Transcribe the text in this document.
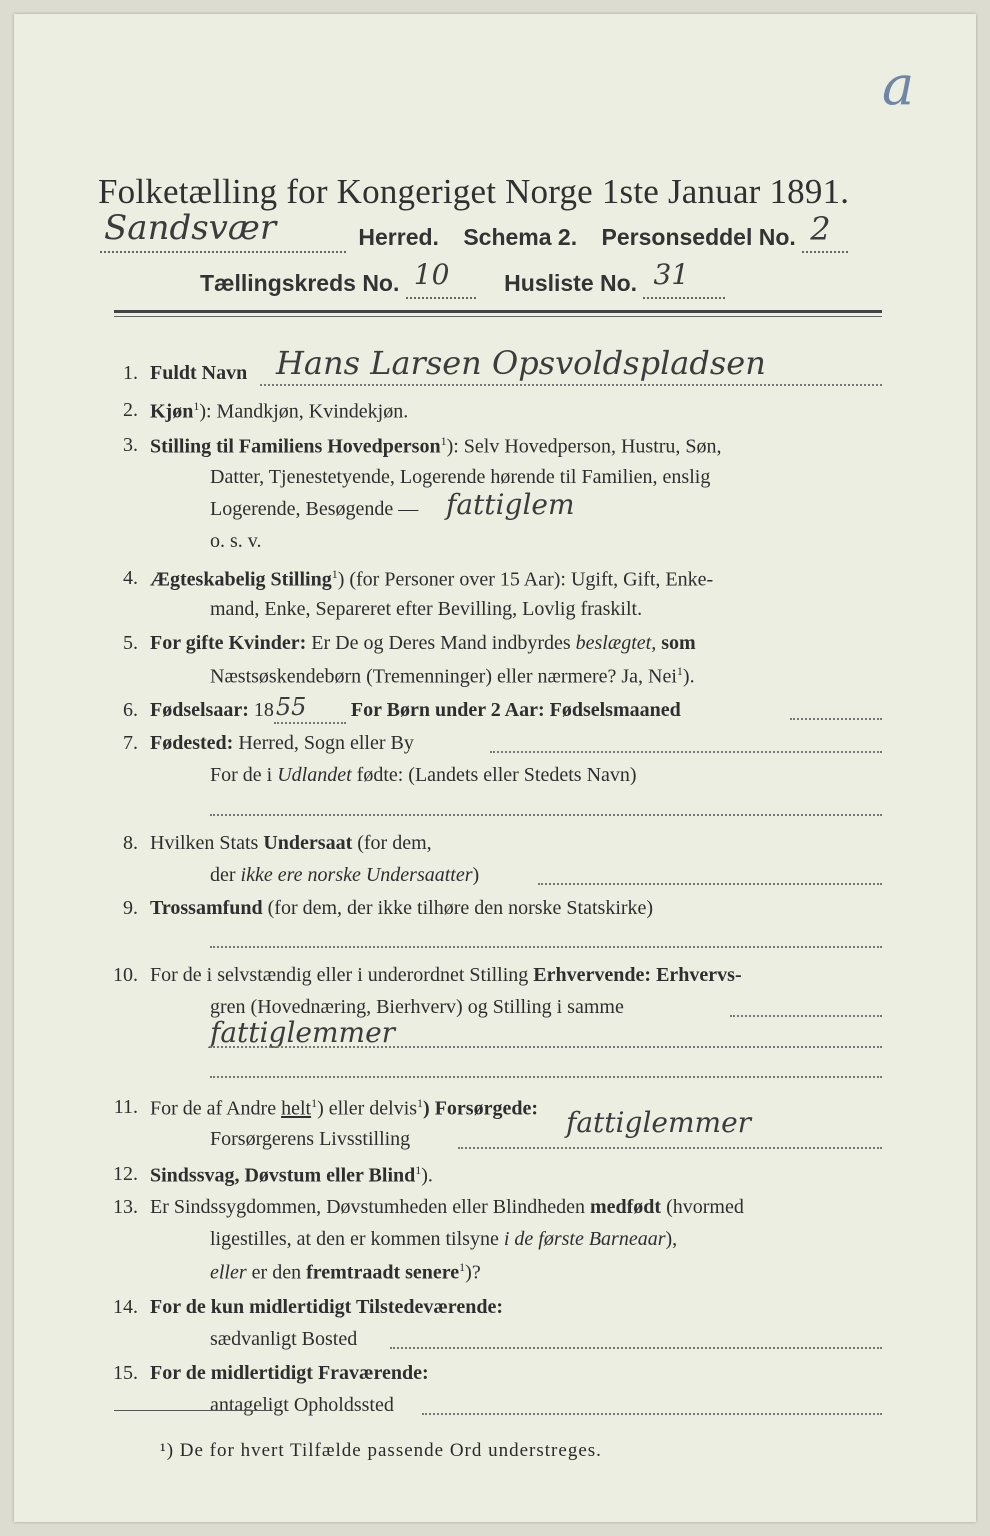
a
Folketælling for Kongeriget Norge 1ste Januar 1891.
Sandsvær	Herred. Schema 2. Personseddel No. 2

Tællingskreds No. 10 Husliste No. 31

1. Fuldt Navn Hans Larsen Opsvoldspladsen
2. Kjøn$^1$): Mandkjøn, Kvindekjøn.
3. Stilling til Familiens Hovedperson$^1$): Selv Hovedperson, Hustru, Søn,
Datter, Tjenestetyende, Logerende hørende til Familien, enslig
Logerende, Besøgende — fattiglem
o. s. v.
4. Ægteskabelig Stilling$^1$) (for Personer over 15 Aar): Ugift, Gift, Enke-
mand, Enke, Separeret efter Bevilling, Lovlig fraskilt.
5. For gifte Kvinder: Er De og Deres Mand indbyrdes beslægtet, som
Næstsøskendebørn (Tremenninger) eller nærmere? Ja, Nei$^1$).
6. Fødselsaar: 18 55 For Børn under 2 Aar: Fødselsmaaned
7. Fødested: Herred, Sogn eller By
For de i Udlandet fødte: (Landets eller Stedets Navn)
8. Hvilken Stats Undersaat (for dem,
der ikke ere norske Undersaatter)
9. Trossamfund (for dem, der ikke tilhøre den norske Statskirke)
10. For de i selvstændig eller i underordnet Stilling Erhvervende: Erhvervs-
gren (Hovednæring, Bierhverv) og Stilling i samme
fattiglemmer
11. For de af Andre helt$^1$) eller delvis$^1$) Forsørgede:
Forsørgerens Livsstilling	fattiglemmer
12. Sindssvag, Døvstum eller Blind$^1$).
13. Er Sindssygdommen, Døvstumheden eller Blindheden medfødt (hvormed
ligestilles, at den er kommen tilsyne i de første Barneaar),
eller er den fremtraadt senere$^1$)?
14. For de kun midlertidigt Tilstedeværende:
sædvanligt Bosted
15. For de midlertidigt Fraværende:
antageligt Opholdssted
¹) De for hvert Tilfælde passende Ord understreges.
